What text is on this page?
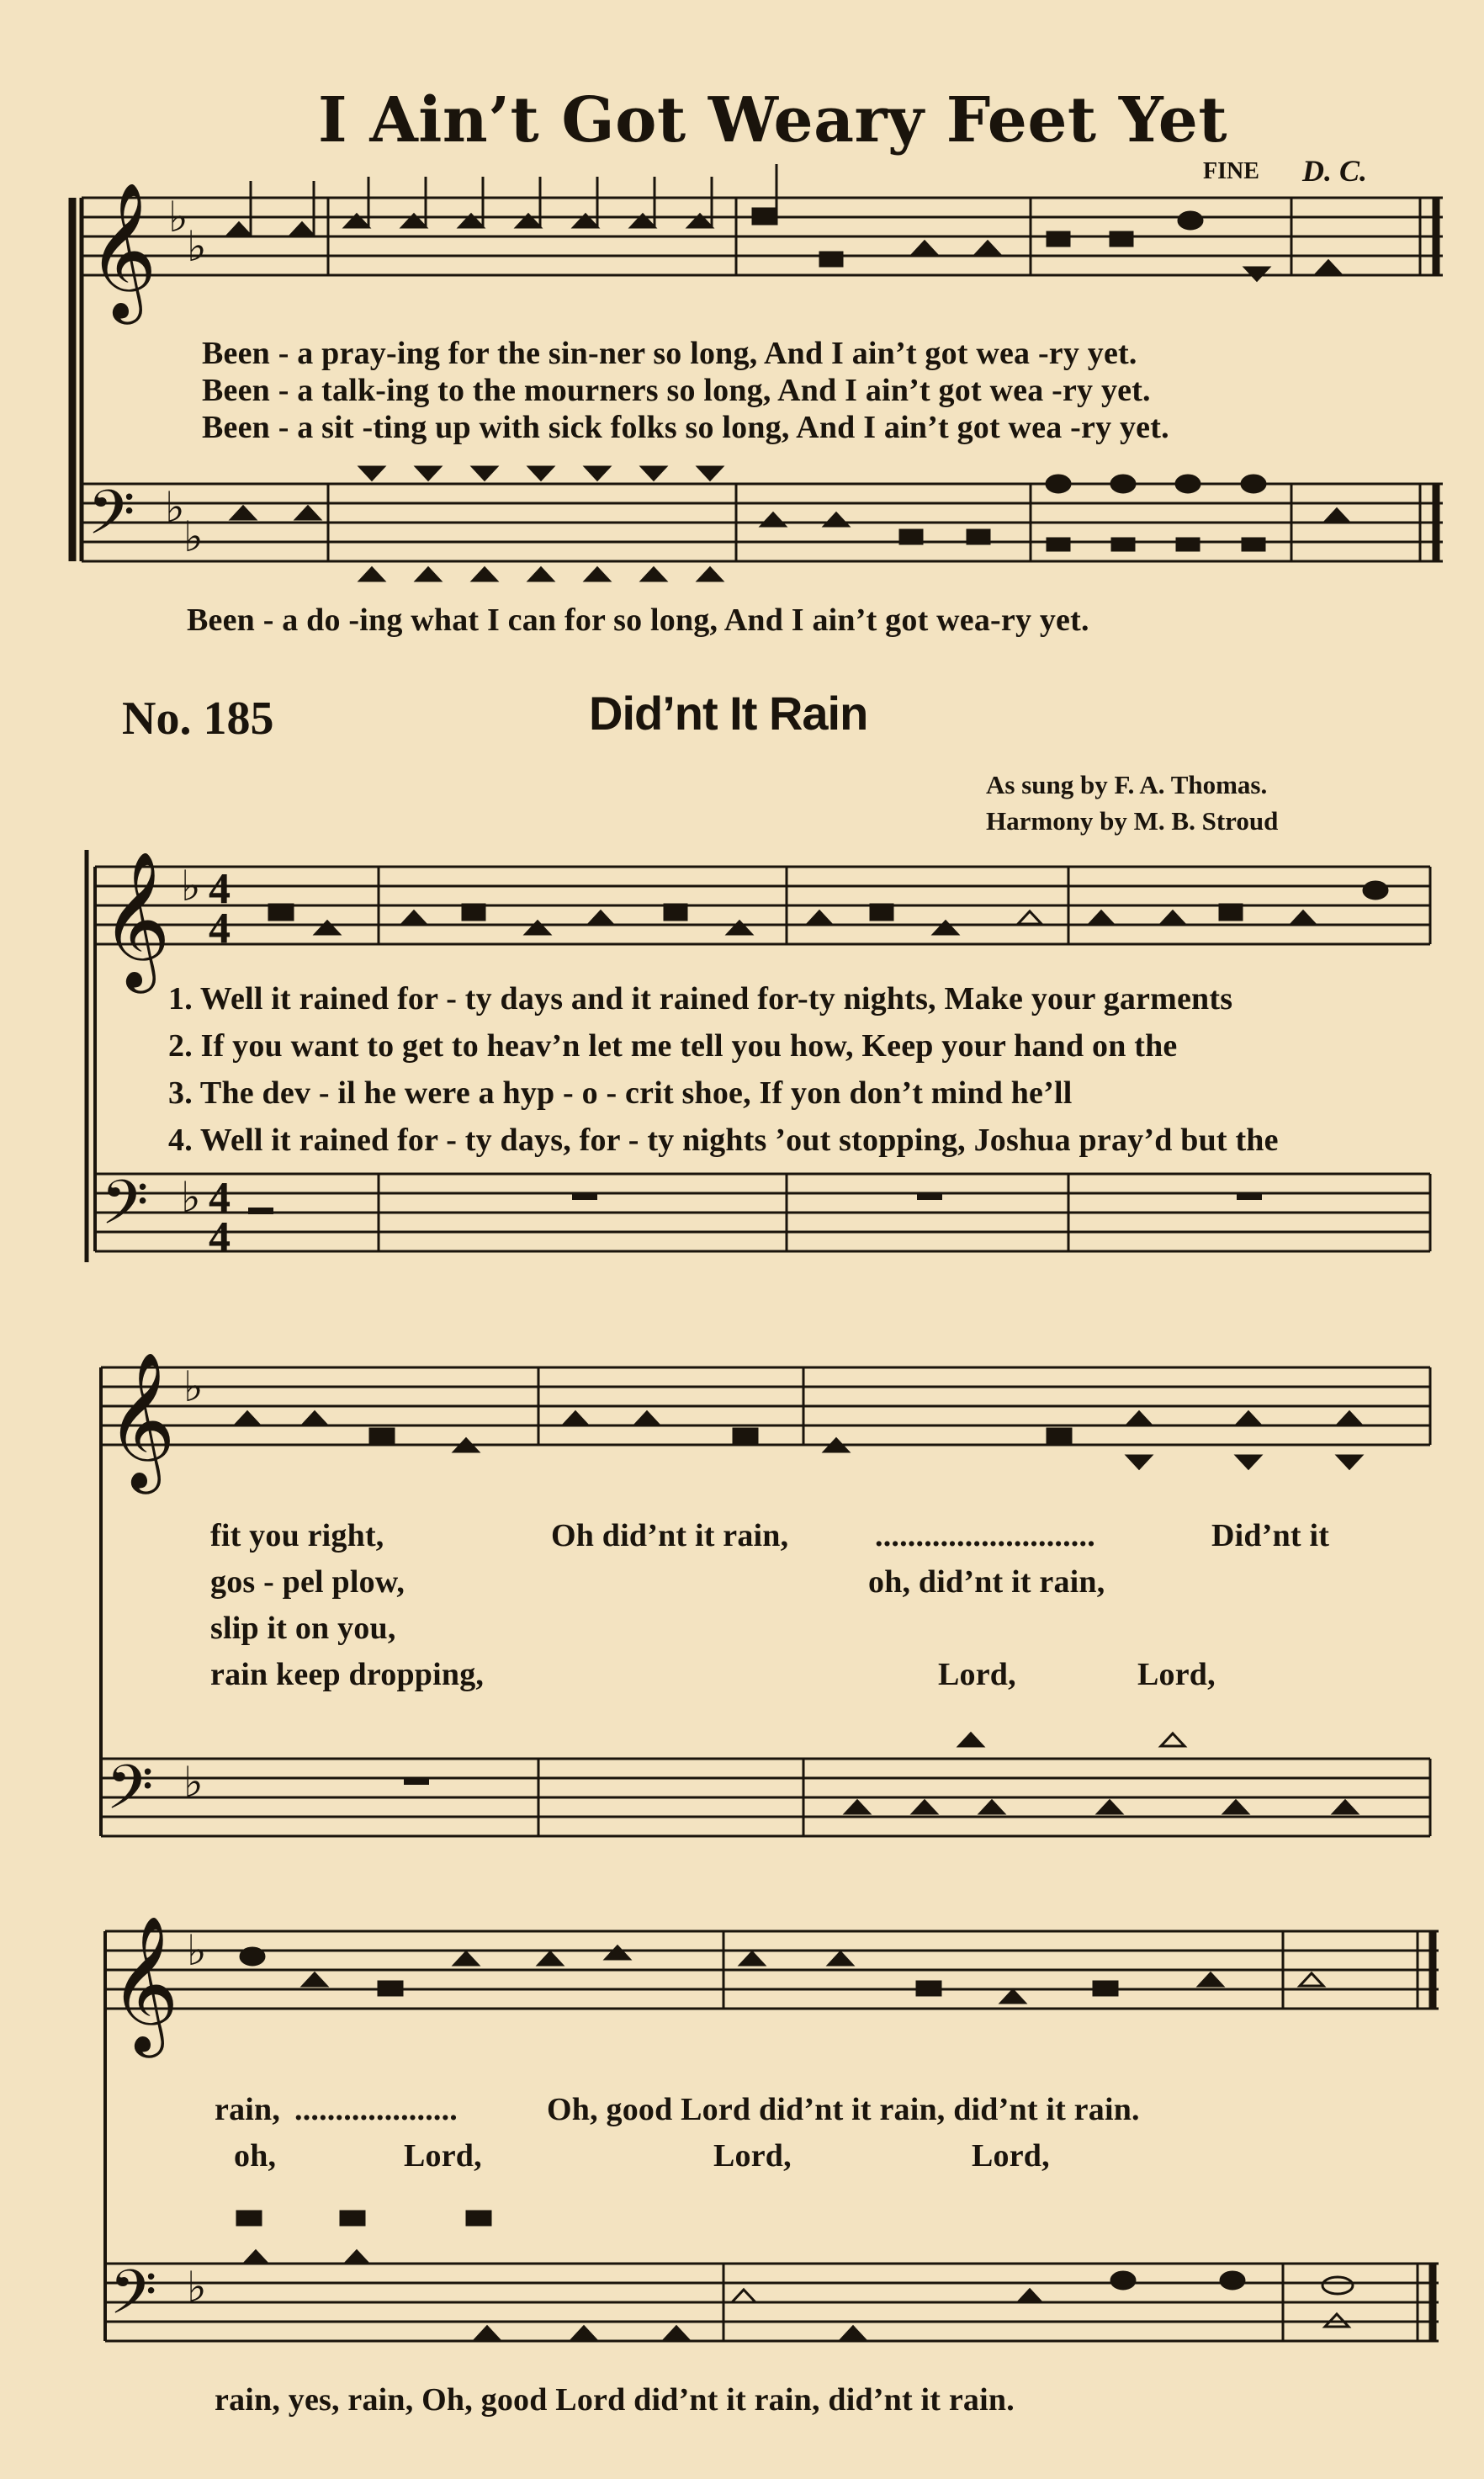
𝄞
𝄢
𝄞
𝄢
𝄞
𝄢
𝄞
𝄢
♭
♭
♭
♭
♭
♭
♭
♭
♭
♭
4
4
4
4
I Ain’t Got Weary Feet Yet
FINE D. C.
Been - a pray-ing for the sin-ner so long, And I ain’t got wea -ry yet.
Been - a talk-ing to the mourners so long, And I ain’t got wea -ry yet.
Been - a sit -ting up with sick folks so long, And I ain’t got wea -ry yet.
Been - a do -ing what I can for so long, And I ain’t got wea-ry yet.
No. 185	Did’nt It Rain
As sung by F. A. Thomas.
Harmony by M. B. Stroud
1. Well it rained for - ty days and it rained for-ty nights, Make your garments
2. If you want to get to heav’n let me tell you how, Keep your hand on the
3. The dev - il he were a hyp - o - crit shoe, If yon don’t mind he’ll
4. Well it rained for - ty days, for - ty nights ’out stopping, Joshua pray’d but the
fit you right,	Oh did’nt it rain,	...........................	Did’nt it
gos - pel plow,	oh, did’nt it rain,
slip it on you,
rain keep dropping,	Lord,	Lord,
rain, ....................	Oh, good Lord did’nt it rain, did’nt it rain.
oh,	Lord,	Lord,	Lord,
rain, yes, rain, Oh, good Lord did’nt it rain, did’nt it rain.
